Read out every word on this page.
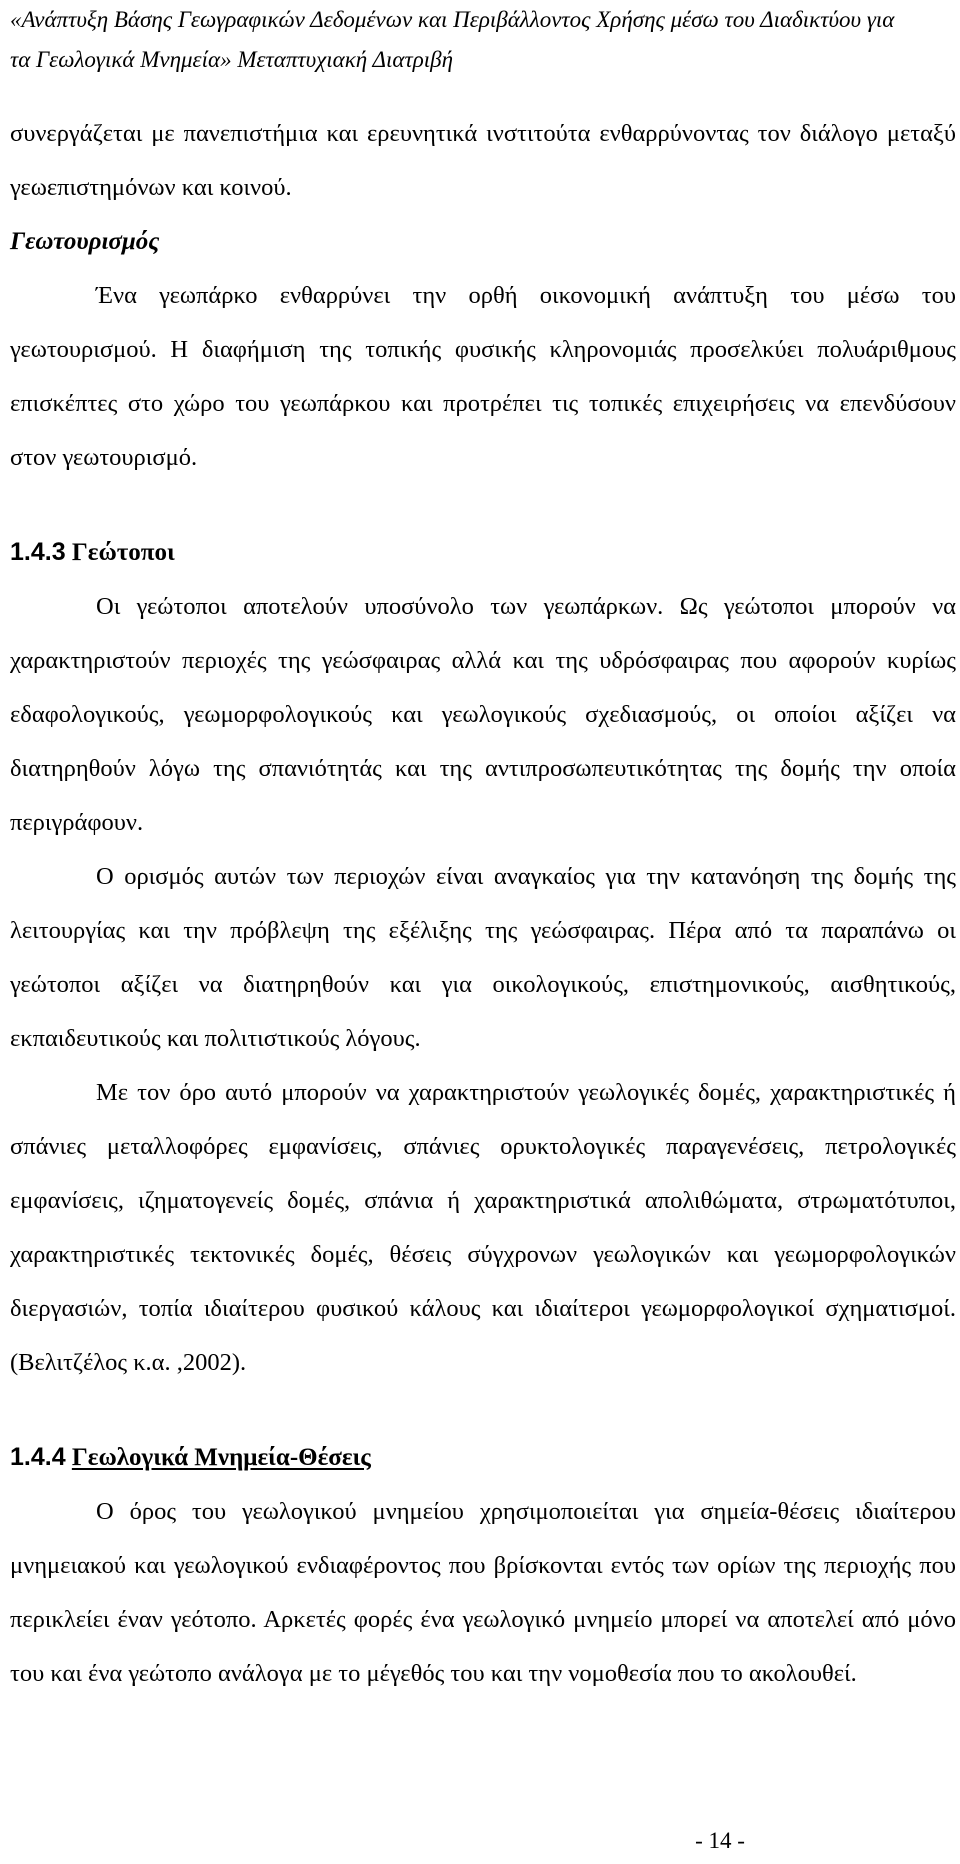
«Ανάπτυξη Βάσης Γεωγραφικών Δεδομένων και Περιβάλλοντος Χρήσης μέσω του Διαδικτύου για

τα Γεωλογικά Μνημεία» Μεταπτυχιακή Διατριβή

συνεργάζεται με πανεπιστήμια και ερευνητικά ινστιτούτα ενθαρρύνοντας τον διάλογο μεταξύ γεωεπιστημόνων και κοινού.

Γεωτουρισμός

Ένα γεωπάρκο ενθαρρύνει την ορθή οικονομική ανάπτυξη του μέσω του γεωτουρισμού. Η διαφήμιση της τοπικής φυσικής κληρονομιάς προσελκύει πολυάριθμους επισκέπτες στο χώρο του γεωπάρκου και προτρέπει τις τοπικές επιχειρήσεις να επενδύσουν στον γεωτουρισμό.

1.4.3 Γεώτοποι

Οι γεώτοποι αποτελούν υποσύνολο των γεωπάρκων. Ως γεώτοποι μπορούν να χαρακτηριστούν περιοχές της γεώσφαιρας αλλά και της υδρόσφαιρας που αφορούν κυρίως εδαφολογικούς, γεωμορφολογικούς και γεωλογικούς σχεδιασμούς, οι οποίοι αξίζει να διατηρηθούν λόγω της σπανιότητάς και της αντιπροσωπευτικότητας της δομής την οποία περιγράφουν.

Ο ορισμός αυτών των περιοχών είναι αναγκαίος για την κατανόηση της δομής της λειτουργίας και την πρόβλεψη της εξέλιξης της γεώσφαιρας. Πέρα από τα παραπάνω οι γεώτοποι αξίζει να διατηρηθούν και για οικολογικούς, επιστημονικούς, αισθητικούς, εκπαιδευτικούς και πολιτιστικούς λόγους.

Με τον όρο αυτό μπορούν να χαρακτηριστούν γεωλογικές δομές, χαρακτηριστικές ή σπάνιες μεταλλοφόρες εμφανίσεις, σπάνιες ορυκτολογικές παραγενέσεις, πετρολογικές εμφανίσεις, ιζηματογενείς δομές, σπάνια ή χαρακτηριστικά απολιθώματα, στρωματότυποι, χαρακτηριστικές τεκτονικές δομές, θέσεις σύγχρονων γεωλογικών και γεωμορφολογικών διεργασιών, τοπία ιδιαίτερου φυσικού κάλους και ιδιαίτεροι γεωμορφολογικοί σχηματισμοί. (Βελιτζέλος κ.α. ,2002).

1.4.4 Γεωλογικά Μνημεία-Θέσεις

Ο όρος του γεωλογικού μνημείου χρησιμοποιείται για σημεία-θέσεις ιδιαίτερου μνημειακού και γεωλογικού ενδιαφέροντος που βρίσκονται εντός των ορίων της περιοχής που περικλείει έναν γεότοπο. Αρκετές φορές ένα γεωλογικό μνημείο μπορεί να αποτελεί από μόνο του και ένα γεώτοπο ανάλογα με το μέγεθός του και την νομοθεσία που το ακολουθεί.

- 14 -
